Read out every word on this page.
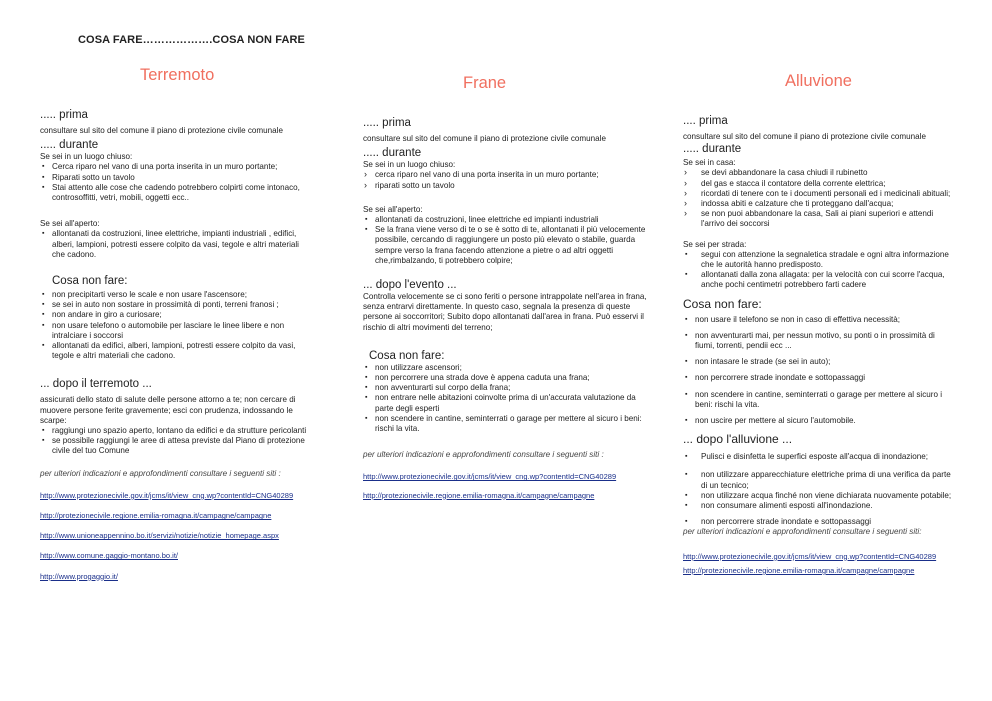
COSA FARE……………….COSA NON FARE
Terremoto	Frane	Alluvione

..... prima

consultare sul sito del comune il piano di protezione civile comunale

..... durante

Se sei in un luogo chiuso:

▪ Cerca riparo nel vano di una porta inserita in un muro portante;
▪ Riparati sotto un tavolo
▪ Stai attento alle cose che cadendo potrebbero colpirti come intonaco, controsoffitti, vetri, mobili, oggetti ecc..

Se sei all'aperto:

▪ allontanati da costruzioni, linee elettriche, impianti industriali , edifici, alberi, lampioni, potresti essere colpito da vasi, tegole e altri materiali che cadono.

Cosa non fare:

▪ non precipitarti verso le scale e non usare l'ascensore;
▪ se sei in auto non sostare in prossimità di ponti, terreni franosi ;
▪ non andare in giro a curiosare;
▪ non usare telefono o automobile per lasciare le linee libere e non intralciare i soccorsi
▪ allontanati da edifici, alberi, lampioni, potresti essere colpito da vasi, tegole e altri materiali che cadono.

... dopo il terremoto ...

assicurati dello stato di salute delle persone attorno a te; non cercare di muovere persone ferite gravemente; esci con prudenza, indossando le scarpe:

▪ raggiungi uno spazio aperto, lontano da edifici e da strutture pericolanti
▪ se possibile raggiungi le aree di attesa previste dal Piano di protezione civile del tuo Comune

per ulteriori indicazioni e approfondimenti consultare i seguenti siti :

http://www.protezionecivile.gov.it/jcms/it/view_cng.wp?contentId=CNG40289
http://protezionecivile.regione.emilia-romagna.it/campagne/campagne
http://www.unioneappennino.bo.it/servizi/notizie/notizie_homepage.aspx
http://www.comune.gaggio-montano.bo.it/
http://www.progaggio.it/

..... prima

consultare sul sito del comune il piano di protezione civile comunale

..... durante

Se sei in un luogo chiuso:

› cerca riparo nel vano di una porta inserita in un muro portante;
› riparati sotto un tavolo

Se sei all'aperto:

▪ allontanati da costruzioni, linee elettriche ed impianti industriali
▪ Se la frana viene verso di te o se è sotto di te, allontanati il più velocemente possibile, cercando di raggiungere un posto più elevato o stabile, guarda sempre verso la frana facendo attenzione a pietre o ad altri oggetti che,rimbalzando, ti potrebbero colpire;

... dopo l'evento ...

Controlla velocemente se ci sono feriti o persone intrappolate nell'area in frana, senza entrarvi direttamente. In questo caso, segnala la presenza di queste persone ai soccorritori; Subito dopo allontanati dall'area in frana. Può esservi il rischio di altri movimenti del terreno;

Cosa non fare:

▪ non utilizzare ascensori;
▪ non percorrere una strada dove è appena caduta una frana;
▪ non avventurarti sul corpo della frana;
▪ non entrare nelle abitazioni coinvolte prima di un'accurata valutazione da parte degli esperti
▪ non scendere in cantine, seminterrati o garage per mettere al sicuro i beni: rischi la vita.

per ulteriori indicazioni e approfondimenti consultare i seguenti siti :

http://www.protezionecivile.gov.it/jcms/it/view_cng.wp?contentId=CNG40289
http://protezionecivile.regione.emilia-romagna.it/campagne/campagne

.... prima

consultare sul sito del comune il piano di protezione civile comunale

..... durante

Se sei in casa:

› se devi abbandonare la casa chiudi il rubinetto
› del gas e stacca il contatore della corrente elettrica;
› ricordati di tenere con te i documenti personali ed i medicinali abituali;
› indossa abiti e calzature che ti proteggano dall'acqua;
› se non puoi abbandonare la casa, Sali ai piani superiori e attendi l'arrivo dei soccorsi

Se sei per strada:

▪ segui con attenzione la segnaletica stradale e ogni altra informazione che le autorità hanno predisposto.
▪ allontanati dalla zona allagata: per la velocità con cui scorre l'acqua, anche pochi centimetri potrebbero farti cadere

Cosa non fare:

▪ non usare il telefono se non in caso di effettiva necessità;
▪ non avventurarti mai, per nessun motivo, su ponti o in prossimità di fiumi, torrenti, pendii ecc ...
▪ non intasare le strade (se sei in auto);
▪ non percorrere strade inondate e sottopassaggi
▪ non scendere in cantine, seminterrati o garage per mettere al sicuro i beni: rischi la vita.
▪ non uscire per mettere al sicuro l'automobile.

... dopo l'alluvione ...

▪ Pulisci e disinfetta le superfici esposte all'acqua di inondazione;
▪ non utilizzare apparecchiature elettriche prima di una verifica da parte di un tecnico;
▪ non utilizzare acqua finché non viene dichiarata nuovamente potabile;
▪ non consumare alimenti esposti all'inondazione.
▪ non percorrere strade inondate e sottopassaggi

per ulteriori indicazioni e approfondimenti consultare i seguenti siti:

http://www.protezionecivile.gov.it/jcms/it/view_cng.wp?contentId=CNG40289
http://protezionecivile.regione.emilia-romagna.it/campagne/campagne
